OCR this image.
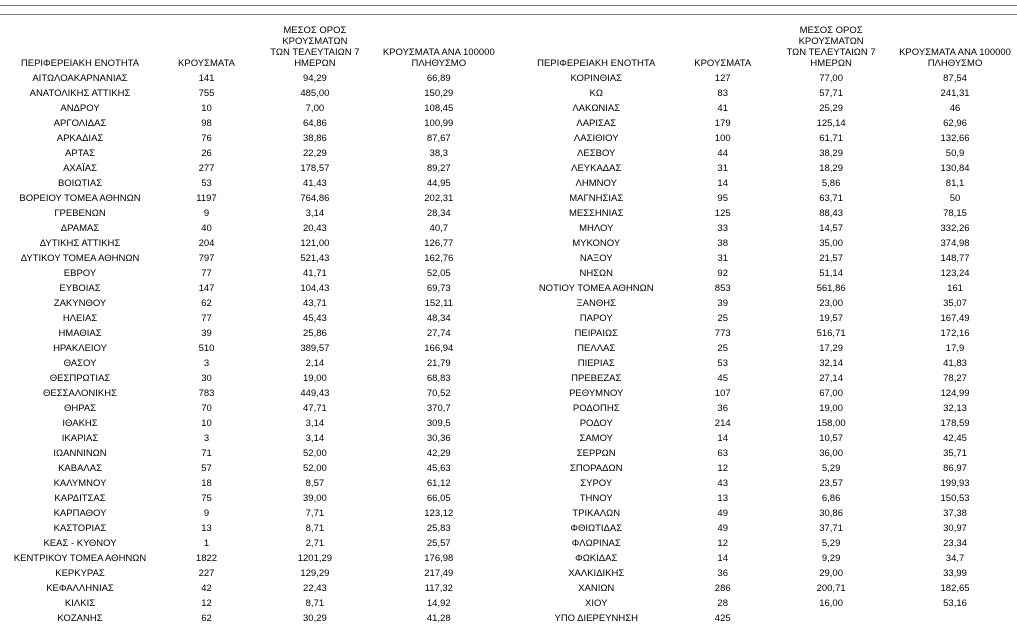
ΠΕΡΙΦΕΡΕΙΑΚΗ ΕΝΟΤΗΤΑ	ΚΡΟΥΣΜΑΤΑ	ΜΕΣΟΣ ΟΡΟΣ ΚΡΟΥΣΜΑΤΩΝ
ΤΩΝ ΤΕΛΕΥΤΑΙΩΝ 7 ΗΜΕΡΩΝ	ΚΡΟΥΣΜΑΤΑ ΑΝΑ 100000
ΠΛΗΘΥΣΜΟ		ΠΕΡΙΦΕΡΕΙΑΚΗ ΕΝΟΤΗΤΑ	ΚΡΟΥΣΜΑΤΑ	ΜΕΣΟΣ ΟΡΟΣ ΚΡΟΥΣΜΑΤΩΝ
ΤΩΝ ΤΕΛΕΥΤΑΙΩΝ 7 ΗΜΕΡΩΝ	ΚΡΟΥΣΜΑΤΑ ΑΝΑ 100000
ΠΛΗΘΥΣΜΟ

ΑΙΤΩΛΟΑΚΑΡΝΑΝΙΑΣ	141	94,29	66,89		ΚΟΡΙΝΘΙΑΣ	127	77,00	87,54
ΑΝΑΤΟΛΙΚΗΣ ΑΤΤΙΚΗΣ	755	485,00	150,29		ΚΩ	83	57,71	241,31
ΑΝΔΡΟΥ	10	7,00	108,45		ΛΑΚΩΝΙΑΣ	41	25,29	46
ΑΡΓΟΛΙΔΑΣ	98	64,86	100,99		ΛΑΡΙΣΑΣ	179	125,14	62,96
ΑΡΚΑΔΙΑΣ	76	38,86	87,67		ΛΑΣΙΘΙΟΥ	100	61,71	132,66
ΑΡΤΑΣ	26	22,29	38,3		ΛΕΣΒΟΥ	44	38,29	50,9
ΑΧΑΪΑΣ	277	178,57	89,27		ΛΕΥΚΑΔΑΣ	31	18,29	130,84
ΒΟΙΩΤΙΑΣ	53	41,43	44,95		ΛΗΜΝΟΥ	14	5,86	81,1
ΒΟΡΕΙΟΥ ΤΟΜΕΑ ΑΘΗΝΩΝ	1197	764,86	202,31		ΜΑΓΝΗΣΙΑΣ	95	63,71	50
ΓΡΕΒΕΝΩΝ	9	3,14	28,34		ΜΕΣΣΗΝΙΑΣ	125	88,43	78,15
ΔΡΑΜΑΣ	40	20,43	40,7		ΜΗΛΟΥ	33	14,57	332,26
ΔΥΤΙΚΗΣ ΑΤΤΙΚΗΣ	204	121,00	126,77		ΜΥΚΟΝΟΥ	38	35,00	374,98
ΔΥΤΙΚΟΥ ΤΟΜΕΑ ΑΘΗΝΩΝ	797	521,43	162,76		ΝΑΞΟΥ	31	21,57	148,77
ΕΒΡΟΥ	77	41,71	52,05		ΝΗΣΩΝ	92	51,14	123,24
ΕΥΒΟΙΑΣ	147	104,43	69,73		ΝΟΤΙΟΥ ΤΟΜΕΑ ΑΘΗΝΩΝ	853	561,86	161
ΖΑΚΥΝΘΟΥ	62	43,71	152,11		ΞΑΝΘΗΣ	39	23,00	35,07
ΗΛΕΙΑΣ	77	45,43	48,34		ΠΑΡΟΥ	25	19,57	167,49
ΗΜΑΘΙΑΣ	39	25,86	27,74		ΠΕΙΡΑΙΩΣ	773	516,71	172,16
ΗΡΑΚΛΕΙΟΥ	510	389,57	166,94		ΠΕΛΛΑΣ	25	17,29	17,9
ΘΑΣΟΥ	3	2,14	21,79		ΠΙΕΡΙΑΣ	53	32,14	41,83
ΘΕΣΠΡΩΤΙΑΣ	30	19,00	68,83		ΠΡΕΒΕΖΑΣ	45	27,14	78,27
ΘΕΣΣΑΛΟΝΙΚΗΣ	783	449,43	70,52		ΡΕΘΥΜΝΟΥ	107	67,00	124,99
ΘΗΡΑΣ	70	47,71	370,7		ΡΟΔΟΠΗΣ	36	19,00	32,13
ΙΘΑΚΗΣ	10	3,14	309,5		ΡΟΔΟΥ	214	158,00	178,59
ΙΚΑΡΙΑΣ	3	3,14	30,36		ΣΑΜΟΥ	14	10,57	42,45
ΙΩΑΝΝΙΝΩΝ	71	52,00	42,29		ΣΕΡΡΩΝ	63	36,00	35,71
ΚΑΒΑΛΑΣ	57	52,00	45,63		ΣΠΟΡΑΔΩΝ	12	5,29	86,97
ΚΑΛΥΜΝΟΥ	18	8,57	61,12		ΣΥΡΟΥ	43	23,57	199,93
ΚΑΡΔΙΤΣΑΣ	75	39,00	66,05		ΤΗΝΟΥ	13	6,86	150,53
ΚΑΡΠΑΘΟΥ	9	7,71	123,12		ΤΡΙΚΑΛΩΝ	49	30,86	37,38
ΚΑΣΤΟΡΙΑΣ	13	8,71	25,83		ΦΘΙΩΤΙΔΑΣ	49	37,71	30,97
ΚΕΑΣ - ΚΥΘΝΟΥ	1	2,71	25,57		ΦΛΩΡΙΝΑΣ	12	5,29	23,34
ΚΕΝΤΡΙΚΟΥ ΤΟΜΕΑ ΑΘΗΝΩΝ	1822	1201,29	176,98		ΦΩΚΙΔΑΣ	14	9,29	34,7
ΚΕΡΚΥΡΑΣ	227	129,29	217,49		ΧΑΛΚΙΔΙΚΗΣ	36	29,00	33,99
ΚΕΦΑΛΛΗΝΙΑΣ	42	22,43	117,32		ΧΑΝΙΩΝ	286	200,71	182,65
ΚΙΛΚΙΣ	12	8,71	14,92		ΧΙΟΥ	28	16,00	53,16
ΚΟΖΑΝΗΣ	62	30,29	41,28		ΥΠΟ ΔΙΕΡΕΥΝΗΣΗ	425		
